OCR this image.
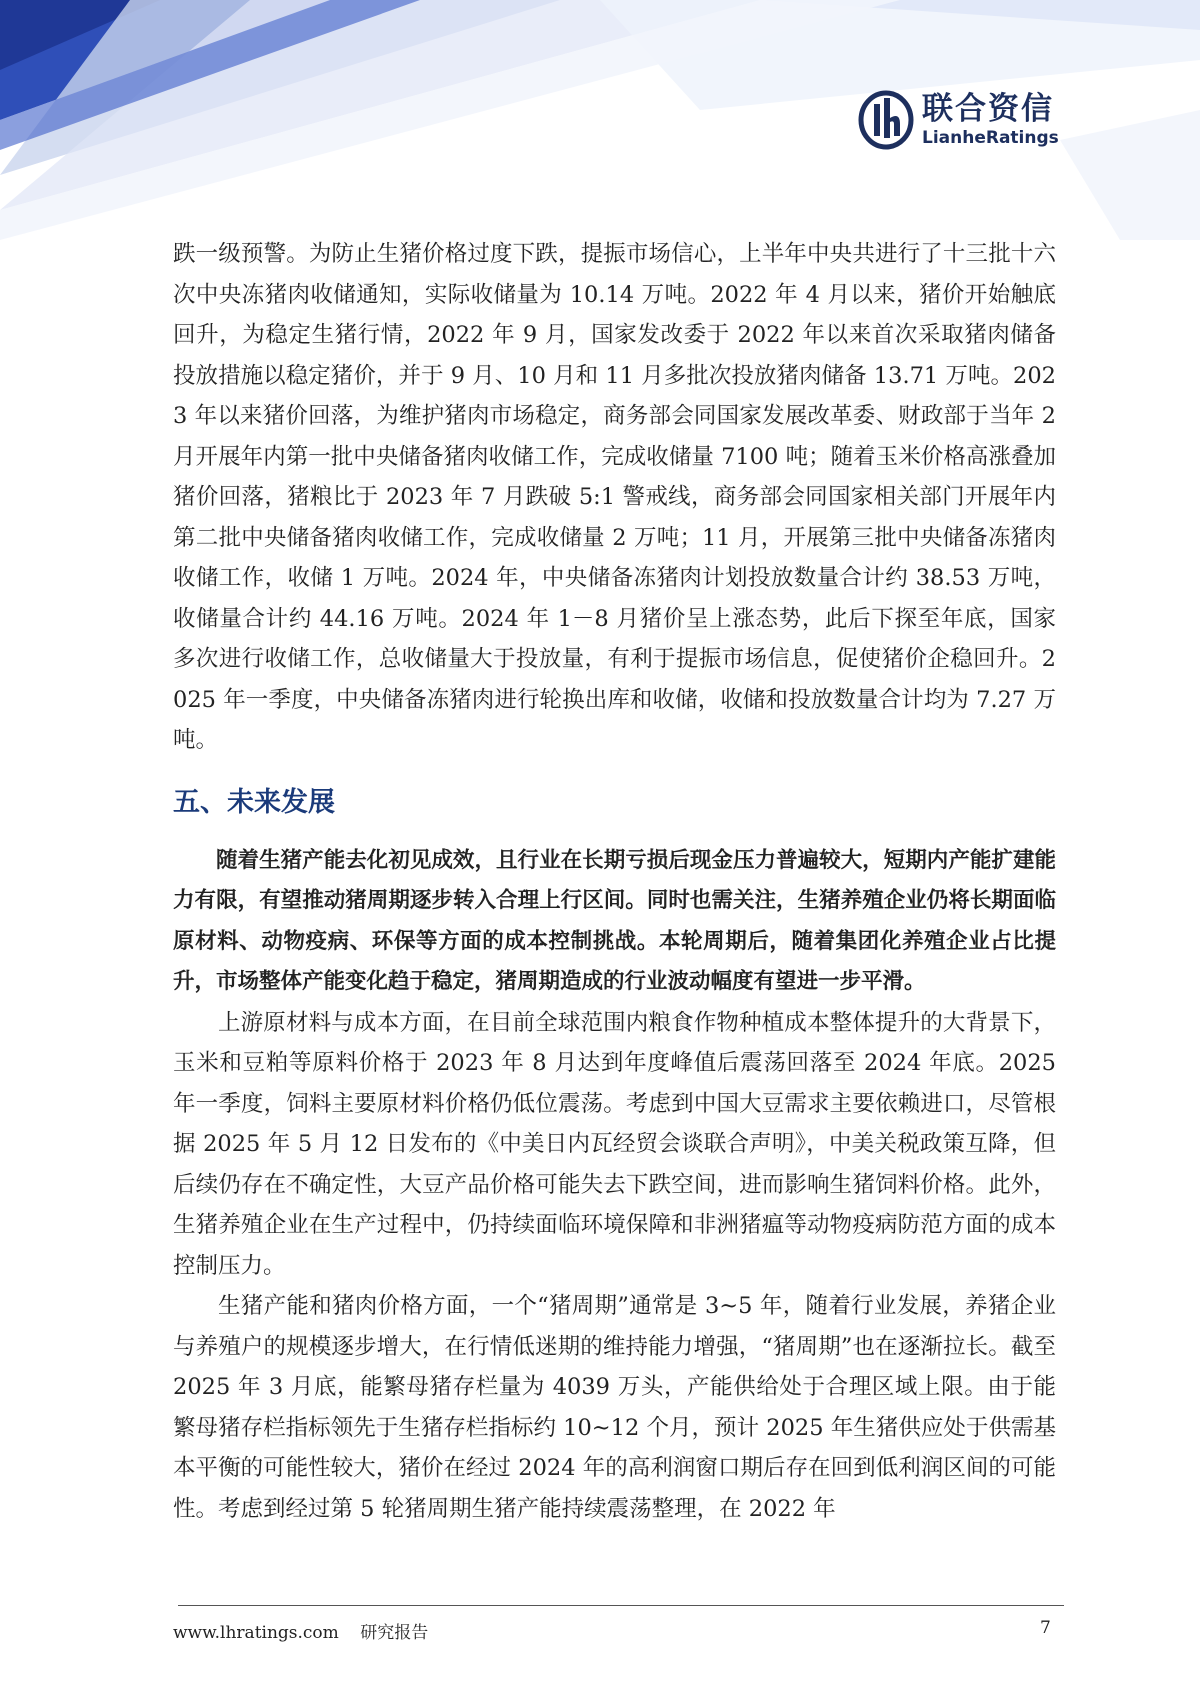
联合资信
LianheRatings

跌一级预警。为防止生猪价格过度下跌，提振市场信心，上半年中央共进行了十三批十六次中央冻猪肉收储通知，实际收储量为 10.14 万吨。2022 年 4 月以来，猪价开始触底回升，为稳定生猪行情，2022 年 9 月，国家发改委于 2022 年以来首次采取猪肉储备投放措施以稳定猪价，并于 9 月、10 月和 11 月多批次投放猪肉储备 13.71 万吨。2023 年以来猪价回落，为维护猪肉市场稳定，商务部会同国家发展改革委、财政部于当年 2 月开展年内第一批中央储备猪肉收储工作，完成收储量 7100 吨；随着玉米价格高涨叠加猪价回落，猪粮比于 2023 年 7 月跌破 5:1 警戒线，商务部会同国家相关部门开展年内第二批中央储备猪肉收储工作，完成收储量 2 万吨；11 月，开展第三批中央储备冻猪肉收储工作，收储 1 万吨。2024 年，中央储备冻猪肉计划投放数量合计约 38.53 万吨，收储量合计约 44.16 万吨。2024 年 1－8 月猪价呈上涨态势，此后下探至年底，国家多次进行收储工作，总收储量大于投放量，有利于提振市场信息，促使猪价企稳回升。2025 年一季度，中央储备冻猪肉进行轮换出库和收储，收储和投放数量合计均为 7.27 万吨。

五、未来发展

随着生猪产能去化初见成效，且行业在长期亏损后现金压力普遍较大，短期内产能扩建能力有限，有望推动猪周期逐步转入合理上行区间。同时也需关注，生猪养殖企业仍将长期面临原材料、动物疫病、环保等方面的成本控制挑战。本轮周期后，随着集团化养殖企业占比提升，市场整体产能变化趋于稳定，猪周期造成的行业波动幅度有望进一步平滑。

上游原材料与成本方面，在目前全球范围内粮食作物种植成本整体提升的大背景下，玉米和豆粕等原料价格于 2023 年 8 月达到年度峰值后震荡回落至 2024 年底。2025 年一季度，饲料主要原材料价格仍低位震荡。考虑到中国大豆需求主要依赖进口，尽管根据 2025 年 5 月 12 日发布的《中美日内瓦经贸会谈联合声明》，中美关税政策互降，但后续仍存在不确定性，大豆产品价格可能失去下跌空间，进而影响生猪饲料价格。此外，生猪养殖企业在生产过程中，仍持续面临环境保障和非洲猪瘟等动物疫病防范方面的成本控制压力。

生猪产能和猪肉价格方面，一个“猪周期”通常是 3~5 年，随着行业发展，养猪企业与养殖户的规模逐步增大，在行情低迷期的维持能力增强，“猪周期”也在逐渐拉长。截至 2025 年 3 月底，能繁母猪存栏量为 4039 万头，产能供给处于合理区域上限。由于能繁母猪存栏指标领先于生猪存栏指标约 10~12 个月，预计 2025 年生猪供应处于供需基本平衡的可能性较大，猪价在经过 2024 年的高利润窗口期后存在回到低利润区间的可能性。考虑到经过第 5 轮猪周期生猪产能持续震荡整理，在 2022 年

www.lhratings.com 研究报告	7
